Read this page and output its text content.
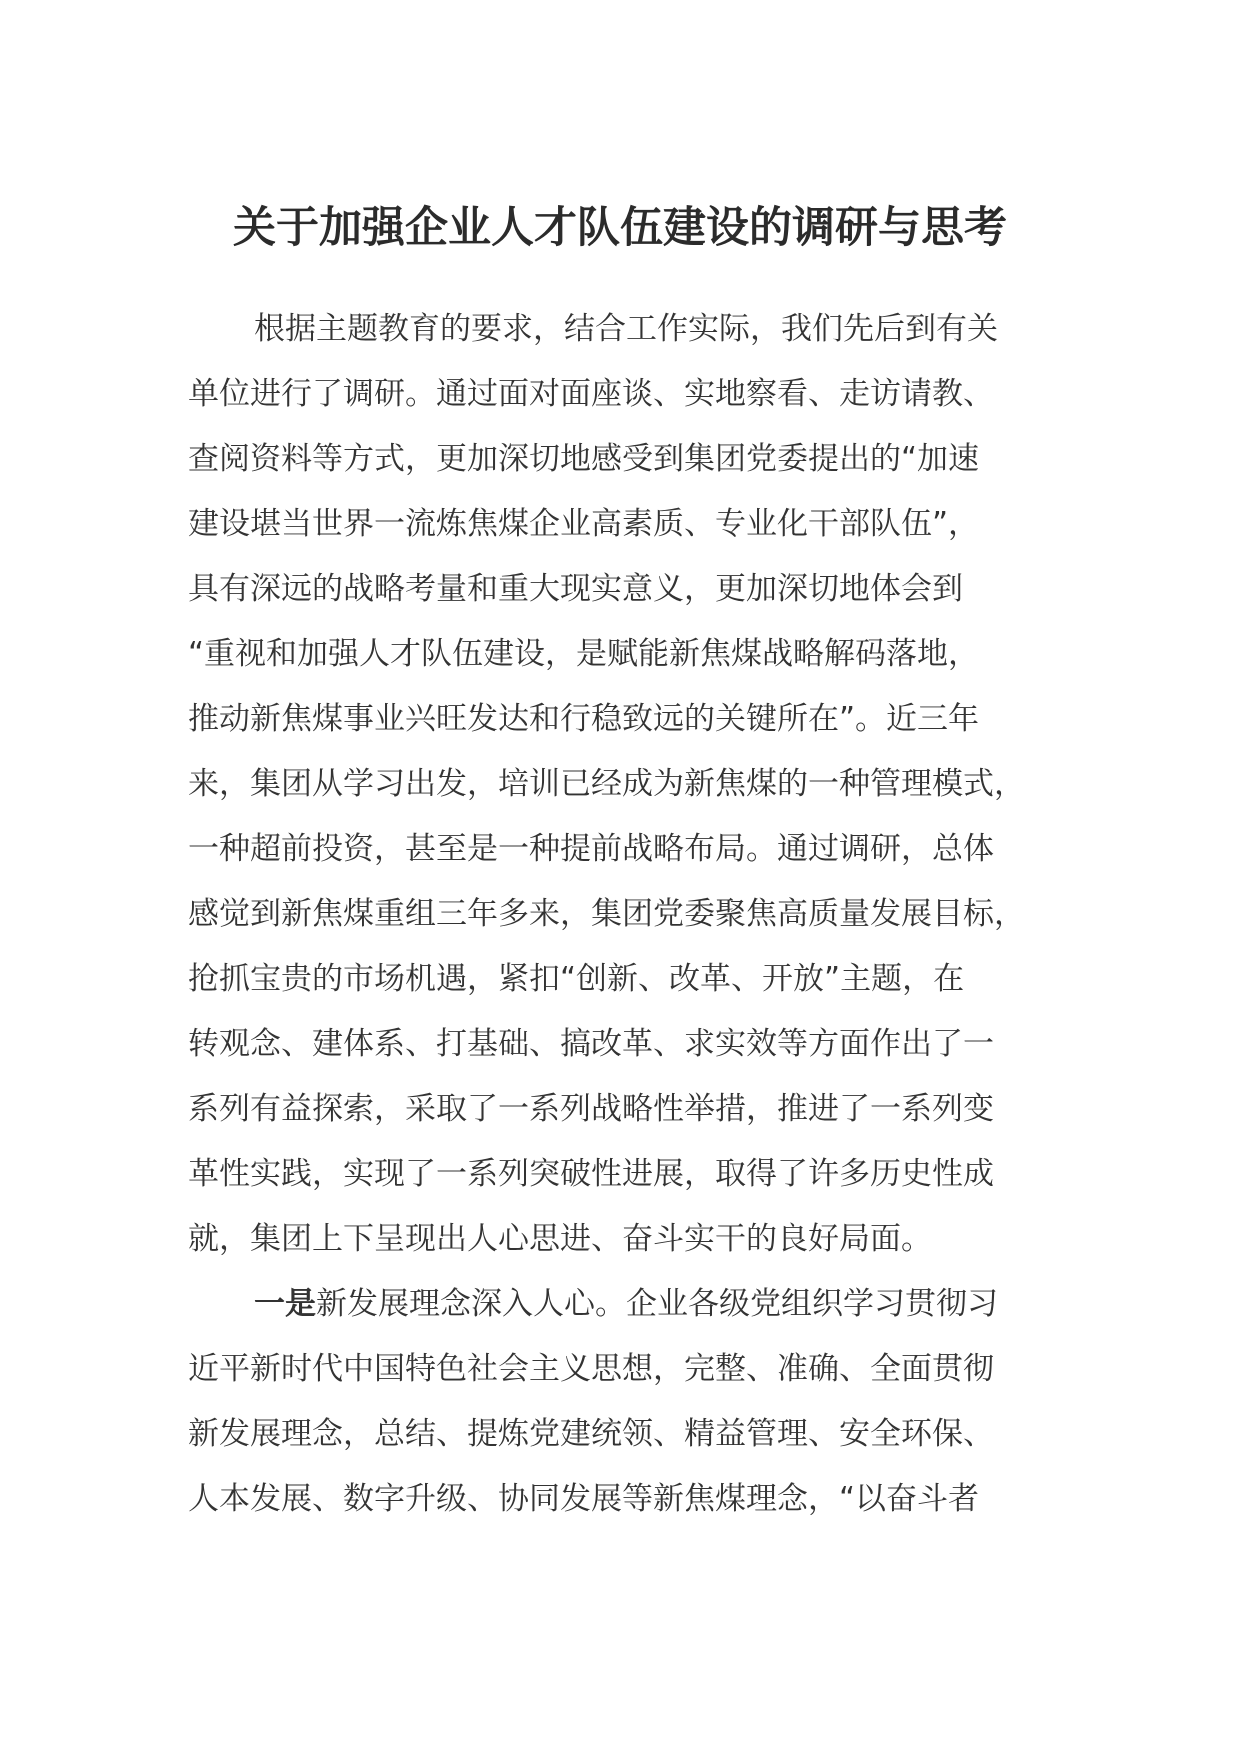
关于加强企业人才队伍建设的调研与思考
根据主题教育的要求，结合工作实际，我们先后到有关
单位进行了调研。通过面对面座谈、实地察看、走访请教、
查阅资料等方式，更加深切地感受到集团党委提出的“加速
建设堪当世界一流炼焦煤企业高素质、专业化干部队伍”，
具有深远的战略考量和重大现实意义，更加深切地体会到
“重视和加强人才队伍建设，是赋能新焦煤战略解码落地，
推动新焦煤事业兴旺发达和行稳致远的关键所在”。近三年
来，集团从学习出发，培训已经成为新焦煤的一种管理模式，
一种超前投资，甚至是一种提前战略布局。通过调研，总体
感觉到新焦煤重组三年多来，集团党委聚焦高质量发展目标，
抢抓宝贵的市场机遇，紧扣“创新、改革、开放”主题，在
转观念、建体系、打基础、搞改革、求实效等方面作出了一
系列有益探索，采取了一系列战略性举措，推进了一系列变
革性实践，实现了一系列突破性进展，取得了许多历史性成
就，集团上下呈现出人心思进、奋斗实干的良好局面。
一是新发展理念深入人心。企业各级党组织学习贯彻习
近平新时代中国特色社会主义思想，完整、准确、全面贯彻
新发展理念，总结、提炼党建统领、精益管理、安全环保、
人本发展、数字升级、协同发展等新焦煤理念，“以奋斗者
